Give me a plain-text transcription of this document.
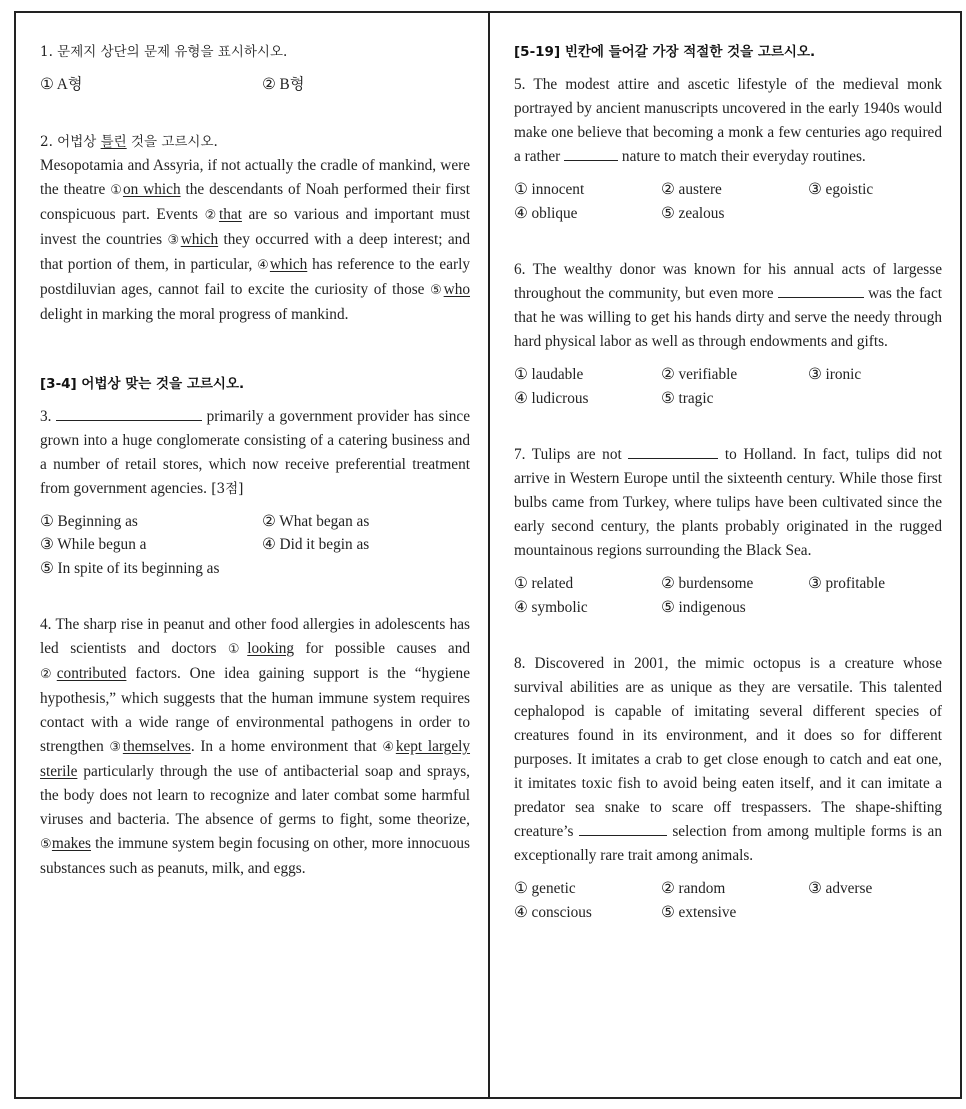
1. 문제지 상단의 문제 유형을 표시하시오.

① A형	② B형

2. 어법상 틀린 것을 고르시오.

Mesopotamia and Assyria, if not actually the cradle of mankind, were the theatre ①on which the descendants of Noah performed their first conspicuous part. Events ②that are so various and important must invest the countries ③which they occurred with a deep interest; and that portion of them, in particular, ④which has reference to the early postdiluvian ages, cannot fail to excite the curiosity of those ⑤who delight in marking the moral progress of mankind.

[3-4] 어법상 맞는 것을 고르시오.

3.	primarily a government provider has since grown into a huge conglomerate consisting of a catering business and a number of retail stores, which now receive preferential treatment from government agencies. [3점]

① Beginning as	② What began as
③ While begun a	④ Did it begin as
⑤ In spite of its beginning as

4. The sharp rise in peanut and other food allergies in adolescents has led scientists and doctors ①looking for possible causes and ②contributed factors. One idea gaining support is the “hygiene hypothesis,” which suggests that the human immune system requires contact with a wide range of environmental pathogens in order to strengthen ③themselves. In a home environment that ④kept largely sterile particularly through the use of antibacterial soap and sprays, the body does not learn to recognize and later combat some harmful viruses and bacteria. The absence of germs to fight, some theorize, ⑤makes the immune system begin focusing on other, more innocuous substances such as peanuts, milk, and eggs.

[5-19] 빈칸에 들어갈 가장 적절한 것을 고르시오.

5. The modest attire and ascetic lifestyle of the medieval monk portrayed by ancient manuscripts uncovered in the early 1940s would make one believe that becoming a monk a few centuries ago required a rather	nature to match their everyday routines.

① innocent	② austere	③ egoistic
④ oblique	⑤ zealous

6. The wealthy donor was known for his annual acts of largesse throughout the community, but even more	was the fact that he was willing to get his hands dirty and serve the needy through hard physical labor as well as through endowments and gifts.

① laudable	② verifiable	③ ironic
④ ludicrous	⑤ tragic

7. Tulips are not	to Holland. In fact, tulips did not arrive in Western Europe until the sixteenth century. While those first bulbs came from Turkey, where tulips have been cultivated since the early second century, the plants probably originated in the rugged mountainous regions surrounding the Black Sea.

① related	② burdensome	③ profitable
④ symbolic	⑤ indigenous

8. Discovered in 2001, the mimic octopus is a creature whose survival abilities are as unique as they are versatile. This talented cephalopod is capable of imitating several different species of creatures found in its environment, and it does so for different purposes. It imitates a crab to get close enough to catch and eat one, it imitates toxic fish to avoid being eaten itself, and it can imitate a predator sea snake to scare off trespassers. The shape-shifting creature’s	selection from among multiple forms is an exceptionally rare trait among animals.

① genetic	② random	③ adverse
④ conscious	⑤ extensive
